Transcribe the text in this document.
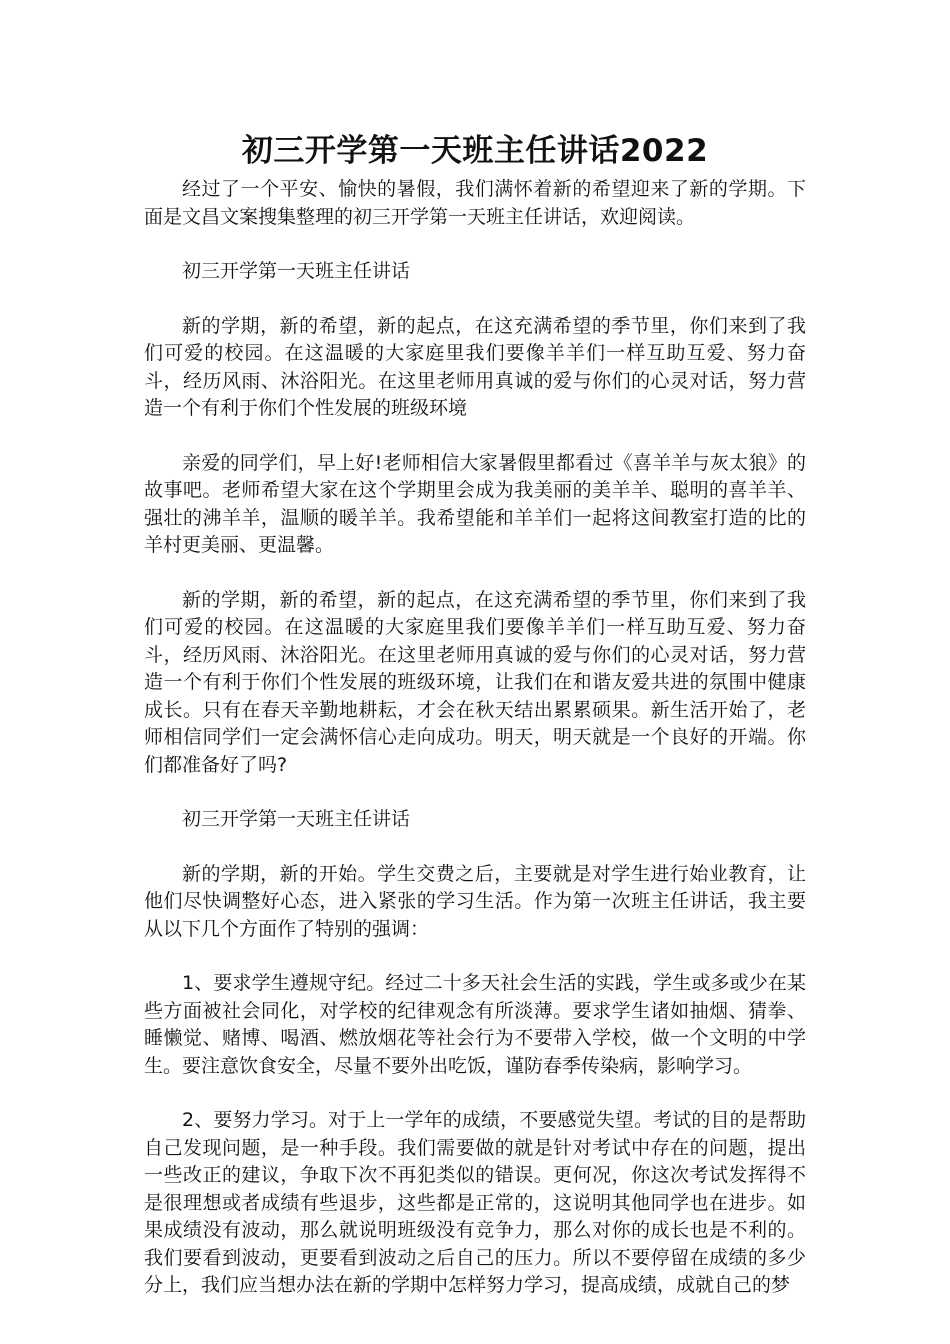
初三开学第一天班主任讲话2022

经过了一个平安、愉快的暑假，我们满怀着新的希望迎来了新的学期。下面是文昌文案搜集整理的初三开学第一天班主任讲话，欢迎阅读。

初三开学第一天班主任讲话

新的学期，新的希望，新的起点，在这充满希望的季节里，你们来到了我们可爱的校园。在这温暖的大家庭里我们要像羊羊们一样互助互爱、努力奋斗，经历风雨、沐浴阳光。在这里老师用真诚的爱与你们的心灵对话，努力营造一个有利于你们个性发展的班级环境

亲爱的同学们，早上好!老师相信大家暑假里都看过《喜羊羊与灰太狼》的故事吧。老师希望大家在这个学期里会成为我美丽的美羊羊、聪明的喜羊羊、强壮的沸羊羊，温顺的暖羊羊。我希望能和羊羊们一起将这间教室打造的比的羊村更美丽、更温馨。

新的学期，新的希望，新的起点，在这充满希望的季节里，你们来到了我们可爱的校园。在这温暖的大家庭里我们要像羊羊们一样互助互爱、努力奋斗，经历风雨、沐浴阳光。在这里老师用真诚的爱与你们的心灵对话，努力营造一个有利于你们个性发展的班级环境，让我们在和谐友爱共进的氛围中健康成长。只有在春天辛勤地耕耘，才会在秋天结出累累硕果。新生活开始了，老师相信同学们一定会满怀信心走向成功。明天，明天就是一个良好的开端。你们都准备好了吗?

初三开学第一天班主任讲话

新的学期，新的开始。学生交费之后，主要就是对学生进行始业教育，让他们尽快调整好心态，进入紧张的学习生活。作为第一次班主任讲话，我主要从以下几个方面作了特别的强调：

1、要求学生遵规守纪。经过二十多天社会生活的实践，学生或多或少在某些方面被社会同化，对学校的纪律观念有所淡薄。要求学生诸如抽烟、猜拳、睡懒觉、赌博、喝酒、燃放烟花等社会行为不要带入学校，做一个文明的中学生。要注意饮食安全，尽量不要外出吃饭，谨防春季传染病，影响学习。

2、要努力学习。对于上一学年的成绩，不要感觉失望。考试的目的是帮助自己发现问题，是一种手段。我们需要做的就是针对考试中存在的问题，提出一些改正的建议，争取下次不再犯类似的错误。更何况，你这次考试发挥得不是很理想或者成绩有些退步，这些都是正常的，这说明其他同学也在进步。如果成绩没有波动，那么就说明班级没有竞争力，那么对你的成长也是不利的。我们要看到波动，更要看到波动之后自己的压力。所以不要停留在成绩的多少分上，我们应当想办法在新的学期中怎样努力学习，提高成绩，成就自己的梦
